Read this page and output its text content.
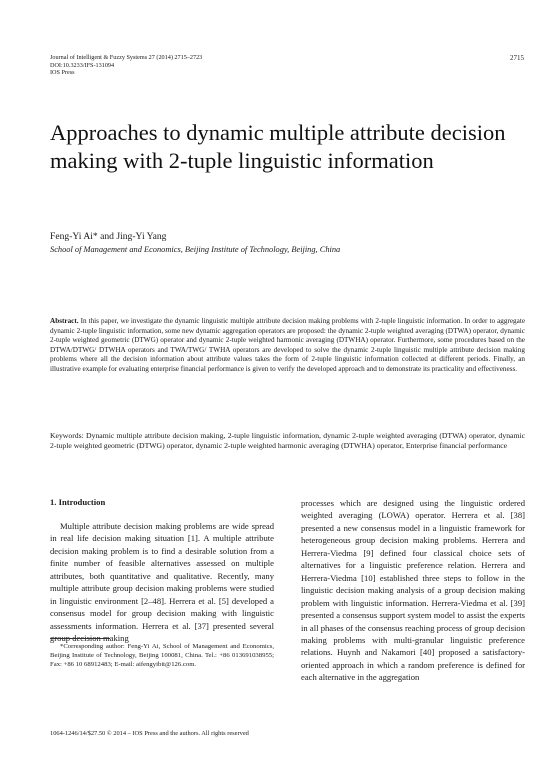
Journal of Intelligent & Fuzzy Systems 27 (2014) 2715–2723
DOI:10.3233/IFS-131094
IOS Press
2715
Approaches to dynamic multiple attribute decision making with 2-tuple linguistic information
Feng-Yi Ai* and Jing-Yi Yang
School of Management and Economics, Beijing Institute of Technology, Beijing, China
Abstract. In this paper, we investigate the dynamic linguistic multiple attribute decision making problems with 2-tuple linguistic information. In order to aggregate dynamic 2-tuple linguistic information, some new dynamic aggregation operators are proposed: the dynamic 2-tuple weighted averaging (DTWA) operator, dynamic 2-tuple weighted geometric (DTWG) operator and dynamic 2-tuple weighted harmonic averaging (DTWHA) operator. Furthermore, some procedures based on the DTWA/DTWG/ DTWHA operators and TWA/TWG/ TWHA operators are developed to solve the dynamic 2-tuple linguistic multiple attribute decision making problems where all the decision information about attribute values takes the form of 2-tuple linguistic information collected at different periods. Finally, an illustrative example for evaluating enterprise financial performance is given to verify the developed approach and to demonstrate its practicality and effectiveness.
Keywords: Dynamic multiple attribute decision making, 2-tuple linguistic information, dynamic 2-tuple weighted averaging (DTWA) operator, dynamic 2-tuple weighted geometric (DTWG) operator, dynamic 2-tuple weighted harmonic averaging (DTWHA) operator, Enterprise financial performance
1. Introduction
Multiple attribute decision making problems are wide spread in real life decision making situation [1]. A multiple attribute decision making problem is to find a desirable solution from a finite number of feasible alternatives assessed on multiple attributes, both quantitative and qualitative. Recently, many multiple attribute group decision making problems were studied in linguistic environment [2–48]. Herrera et al. [5] developed a consensus model for group decision making with linguistic assessments information. Herrera et al. [37] presented several group decision making
processes which are designed using the linguistic ordered weighted averaging (LOWA) operator. Herrera et al. [38] presented a new consensus model in a linguistic framework for heterogeneous group decision making problems. Herrera and Herrera-Viedma [9] defined four classical choice sets of alternatives for a linguistic preference relation. Herrera and Herrera-Viedma [10] established three steps to follow in the linguistic decision making analysis of a group decision making problem with linguistic information. Herrera-Viedma et al. [39] presented a consensus support system model to assist the experts in all phases of the consensus reaching process of group decision making problems with multi-granular linguistic preference relations. Huynh and Nakamori [40] proposed a satisfactory-oriented approach in which a random preference is defined for each alternative in the aggregation
*Corresponding author: Feng-Yi Ai, School of Management and Economics, Beijing Institute of Technology, Beijing 100081, China. Tel.: +86 013691038955; Fax: +86 10 68912483; E-mail: aifengyibit@126.com.
1064-1246/14/$27.50 © 2014 – IOS Press and the authors. All rights reserved
